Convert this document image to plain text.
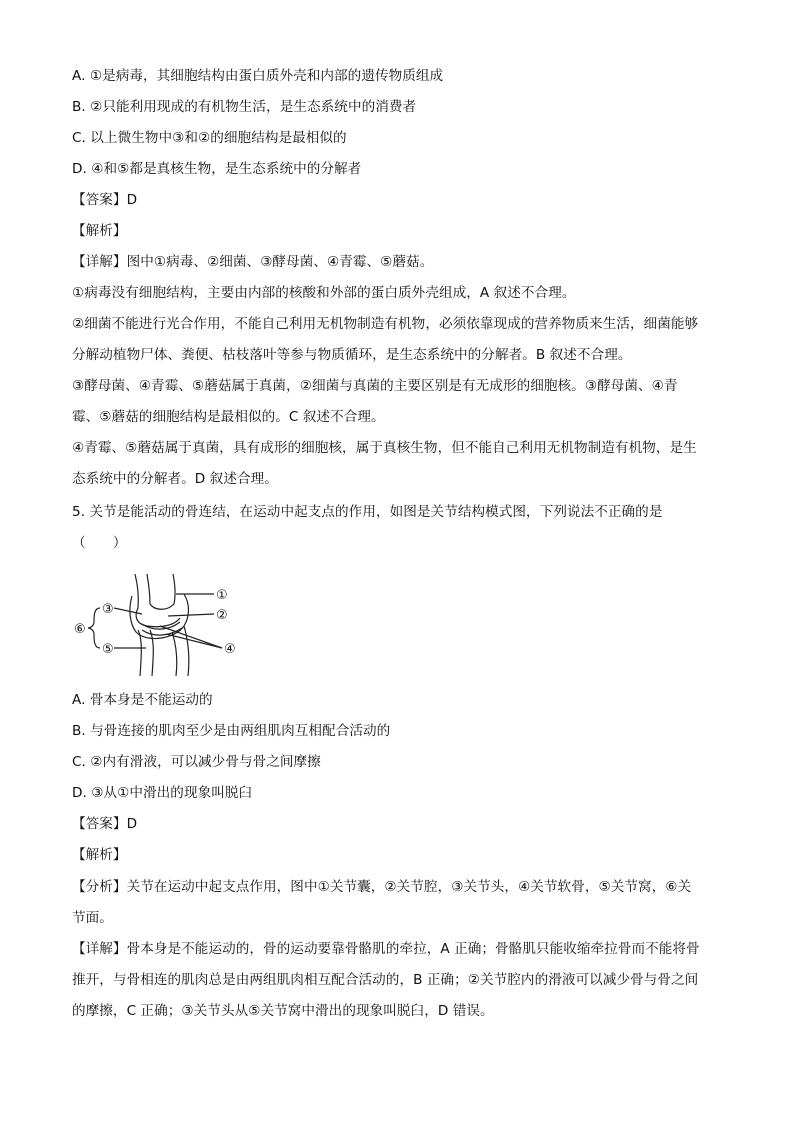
A. ①是病毒，其细胞结构由蛋白质外壳和内部的遗传物质组成
B. ②只能利用现成的有机物生活，是生态系统中的消费者
C. 以上微生物中③和②的细胞结构是最相似的
D. ④和⑤都是真核生物，是生态系统中的分解者
【答案】D
【解析】
【详解】图中①病毒、②细菌、③酵母菌、④青霉、⑤蘑菇。
①病毒没有细胞结构，主要由内部的核酸和外部的蛋白质外壳组成，A 叙述不合理。
②细菌不能进行光合作用，不能自己利用无机物制造有机物，必须依靠现成的营养物质来生活，细菌能够
分解动植物尸体、粪便、枯枝落叶等参与物质循环，是生态系统中的分解者。B 叙述不合理。
③酵母菌、④青霉、⑤蘑菇属于真菌，②细菌与真菌的主要区别是有无成形的细胞核。③酵母菌、④青
霉、⑤蘑菇的细胞结构是最相似的。C 叙述不合理。
④青霉、⑤蘑菇属于真菌，具有成形的细胞核，属于真核生物，但不能自己利用无机物制造有机物，是生
态系统中的分解者。D 叙述合理。
5. 关节是能活动的骨连结，在运动中起支点的作用，如图是关节结构模式图，下列说法不正确的是
（　　）
①
②
③
④
⑤
⑥
A. 骨本身是不能运动的
B. 与骨连接的肌肉至少是由两组肌肉互相配合活动的
C. ②内有滑液，可以减少骨与骨之间摩擦
D. ③从①中滑出的现象叫脱臼
【答案】D
【解析】
【分析】关节在运动中起支点作用，图中①关节囊，②关节腔，③关节头，④关节软骨，⑤关节窝，⑥关
节面。
【详解】骨本身是不能运动的，骨的运动要靠骨骼肌的牵拉，A 正确；骨骼肌只能收缩牵拉骨而不能将骨
推开，与骨相连的肌肉总是由两组肌肉相互配合活动的，B 正确；②关节腔内的滑液可以减少骨与骨之间
的摩擦，C 正确；③关节头从⑤关节窝中滑出的现象叫脱臼，D 错误。
